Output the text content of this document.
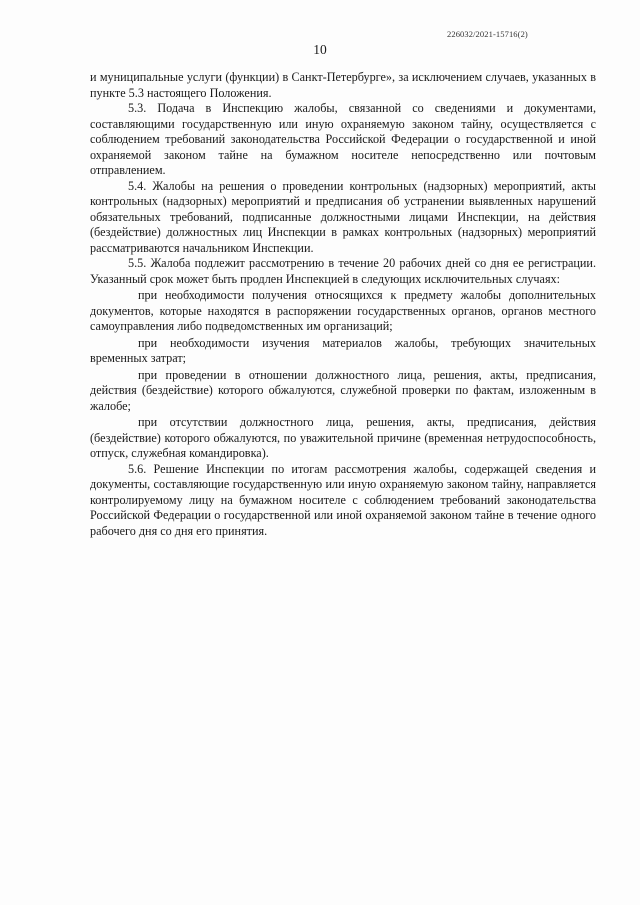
226032/2021-15716(2)
10

и муниципальные услуги (функции) в Санкт-Петербурге», за исключением случаев, указанных в пункте 5.3 настоящего Положения.

5.3. Подача в Инспекцию жалобы, связанной со сведениями и документами, составляющими государственную или иную охраняемую законом тайну, осуществляется с соблюдением требований законодательства Российской Федерации о государственной и иной охраняемой законом тайне на бумажном носителе непосредственно или почтовым отправлением.

5.4. Жалобы на решения о проведении контрольных (надзорных) мероприятий, акты контрольных (надзорных) мероприятий и предписания об устранении выявленных нарушений обязательных требований, подписанные должностными лицами Инспекции, на действия (бездействие) должностных лиц Инспекции в рамках контрольных (надзорных) мероприятий рассматриваются начальником Инспекции.

5.5. Жалоба подлежит рассмотрению в течение 20 рабочих дней со дня ее регистрации. Указанный срок может быть продлен Инспекцией в следующих исключительных случаях:

при необходимости получения относящихся к предмету жалобы дополнительных документов, которые находятся в распоряжении государственных органов, органов местного самоуправления либо подведомственных им организаций;

при необходимости изучения материалов жалобы, требующих значительных временных затрат;

при проведении в отношении должностного лица, решения, акты, предписания, действия (бездействие) которого обжалуются, служебной проверки по фактам, изложенным в жалобе;

при отсутствии должностного лица, решения, акты, предписания, действия (бездействие) которого обжалуются, по уважительной причине (временная нетрудоспособность, отпуск, служебная командировка).

5.6. Решение Инспекции по итогам рассмотрения жалобы, содержащей сведения и документы, составляющие государственную или иную охраняемую законом тайну, направляется контролируемому лицу на бумажном носителе с соблюдением требований законодательства Российской Федерации о государственной или иной охраняемой законом тайне в течение одного рабочего дня со дня его принятия.
